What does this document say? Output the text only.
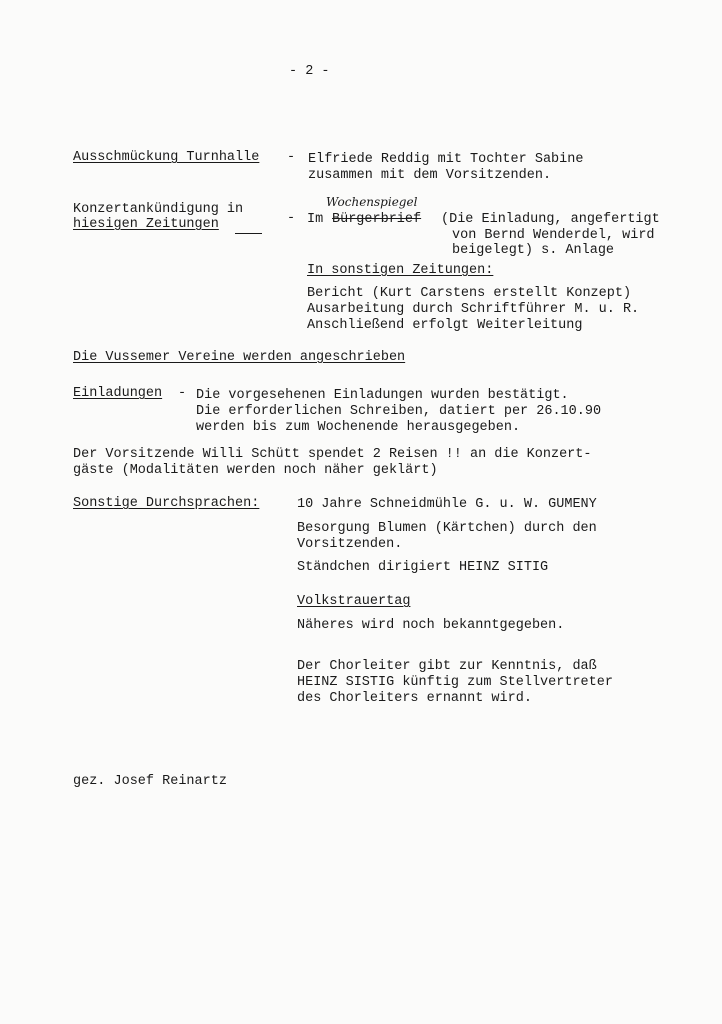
- 2 -
Ausschmückung Turnhalle - Elfriede Reddig mit Tochter Sabine
zusammen mit dem Vorsitzenden.
Konzertankündigung in
hiesigen Zeitungen	- Im Bürgerbrief
Wochenspiegel
(Die Einladung, angefertigt
von Bernd Wenderdel, wird
beigelegt) s. Anlage
In sonstigen Zeitungen:
Bericht (Kurt Carstens erstellt Konzept)
Ausarbeitung durch Schriftführer M. u. R.
Anschließend erfolgt Weiterleitung
Die Vussemer Vereine werden angeschrieben
Einladungen - Die vorgesehenen Einladungen wurden bestätigt.
Die erforderlichen Schreiben, datiert per 26.10.90
werden bis zum Wochenende herausgegeben.
Der Vorsitzende Willi Schütt spendet 2 Reisen !! an die Konzert-
gäste (Modalitäten werden noch näher geklärt)
Sonstige Durchsprachen:	10 Jahre Schneidmühle G. u. W. GUMENY
Besorgung Blumen (Kärtchen) durch den
Vorsitzenden.
Ständchen dirigiert HEINZ SITIG
Volkstrauertag
Näheres wird noch bekanntgegeben.
Der Chorleiter gibt zur Kenntnis, daß
HEINZ SISTIG künftig zum Stellvertreter
des Chorleiters ernannt wird.
gez. Josef Reinartz
